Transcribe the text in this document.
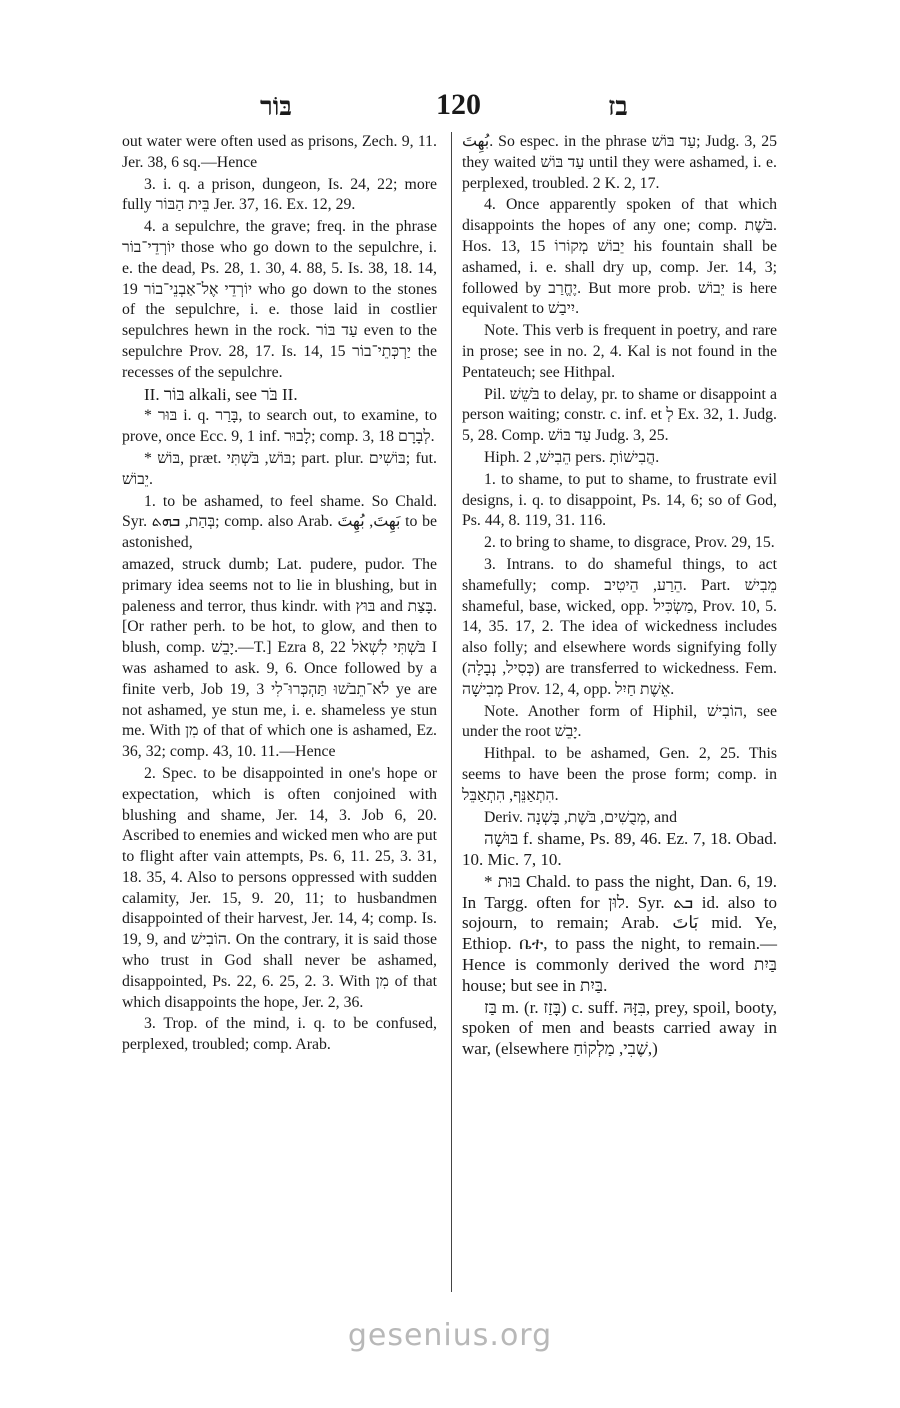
בּוֹר	120	בז

out water were often used as prisons, Zech. 9, 11. Jer. 38, 6 sq.—Hence

3. i. q. a prison, dungeon, Is. 24, 22; more fully בֵּית הַבּוֹר Jer. 37, 16. Ex. 12, 29.

4. a sepulchre, the grave; freq. in the phrase יוֹרְדֵי־בוֹר those who go down to the sepulchre, i. e. the dead, Ps. 28, 1. 30, 4. 88, 5. Is. 38, 18. 14, 19 יוֹרְדֵי אֶל־אַבְנֵי־בוֹר who go down to the stones of the sepulchre, i. e. those laid in costlier sepulchres hewn in the rock. עַד בּוֹר even to the sepulchre Prov. 28, 17. Is. 14, 15 יַרְכְּתֵי־בוֹר the recesses of the sepulchre.

II. בּוֹר alkali, see בֹּר II.

* בּוּר i. q. בָּרַר, to search out, to examine, to prove, once Ecc. 9, 1 inf. לָבוּר; comp. 3, 18 לְבָרָם.

* בּוֹשׁ, præt. בּוֹשׁ, בֹּשְׁתִּי; part. plur. בּוֹשִׁים; fut. יֵבוֹשׁ.

1. to be ashamed, to feel shame. So Chald. Syr. בְּהַת, ܒܗܬ; comp. also Arab. بَهِتَ, بُهِتَ to be astonished,

amazed, struck dumb; Lat. pudere, pudor. The primary idea seems not to lie in blushing, but in paleness and terror, thus kindr. with בּוּץ and בָּצַת. [Or rather perh. to be hot, to glow, and then to blush, comp. יָבֵשׁ.—T.] Ezra 8, 22 בֹּשְׁתִּי לִשְׁאֹל I was ashamed to ask. 9, 6. Once followed by a finite verb, Job 19, 3 לֹא־תֵבֹשׁוּ תַּהְכְּרוּ־לִי ye are not ashamed, ye stun me, i. e. shameless ye stun me. With מִן of that of which one is ashamed, Ez. 36, 32; comp. 43, 10. 11.—Hence

2. Spec. to be disappointed in one's hope or expectation, which is often conjoined with blushing and shame, Jer. 14, 3. Job 6, 20. Ascribed to enemies and wicked men who are put to flight after vain attempts, Ps. 6, 11. 25, 3. 31, 18. 35, 4. Also to persons oppressed with sudden calamity, Jer. 15, 9. 20, 11; to husbandmen disappointed of their harvest, Jer. 14, 4; comp. Is. 19, 9, and הוֹבִישׁ. On the contrary, it is said those who trust in God shall never be ashamed, disappointed, Ps. 22, 6. 25, 2. 3. With מִן of that which disappoints the hope, Jer. 2, 36.

3. Trop. of the mind, i. q. to be confused, perplexed, troubled; comp. Arab.

بُهِتَ. So espec. in the phrase עַד בּוֹשׁ; Judg. 3, 25 they waited עַד בּוֹשׁ until they were ashamed, i. e. perplexed, troubled. 2 K. 2, 17.

4. Once apparently spoken of that which disappoints the hopes of any one; comp. בֹּשֶׁת. Hos. 13, 15 יֵבוֹשׁ מְקוֹרוֹ his fountain shall be ashamed, i. e. shall dry up, comp. Jer. 14, 3; followed by יֶחֱרַב. But more prob. יֵבוֹשׁ is here equivalent to יִיבַשׁ.

Note. This verb is frequent in poetry, and rare in prose; see in no. 2, 4. Kal is not found in the Pentateuch; see Hithpal.

Pil. בֹּשֵׁשׁ to delay, pr. to shame or disappoint a person waiting; constr. c. inf. et לְ Ex. 32, 1. Judg. 5, 28. Comp. עַד בּוֹשׁ Judg. 3, 25.

Hiph. הֵבִישׁ, 2 pers. הֲבִישׁוֹתָ.

1. to shame, to put to shame, to frustrate evil designs, i. q. to disappoint, Ps. 14, 6; so of God, Ps. 44, 8. 119, 31. 116.

2. to bring to shame, to disgrace, Prov. 29, 15.

3. Intrans. to do shameful things, to act shamefully; comp. הֵרַע, הֵיטִיב. Part. מֵבִישׁ shameful, base, wicked, opp. מַשְׂכִּיל, Prov. 10, 5. 14, 35. 17, 2. The idea of wickedness includes also folly; and elsewhere words signifying folly (כְּסִיל, נְבָלָה) are transferred to wickedness. Fem. מְבִישָׁה Prov. 12, 4, opp. אֵשֶׁת חַיִל.

Note. Another form of Hiphil, הוֹבִישׁ, see under the root יָבֵשׁ.

Hithpal. to be ashamed, Gen. 2, 25. This seems to have been the prose form; comp. in הִתְאַנֵּף, הִתְאַבֵּל.

Deriv. מְבֻשִׁים, בֹּשֶׁת, בָּשְׁנָה, and

בּוּשָׁה f. shame, Ps. 89, 46. Ez. 7, 18. Obad. 10. Mic. 7, 10.

* בּוּת Chald. to pass the night, Dan. 6, 19. In Targg. often for לוּן. Syr. ܒܬ id. also to sojourn, to remain; Arab. بَاتَ mid. Ye, Ethiop. ቤተ, to pass the night, to remain.—Hence is commonly derived the word בַּיִת house; but see in בַּיִת.

בַּז m. (r. בָּזַז) c. suff. בִּזָּהּ, prey, spoil, booty, spoken of men and beasts carried away in war, (elsewhere שֶׁבִי, מַלְקוֹחַ,)

gesenius.org
